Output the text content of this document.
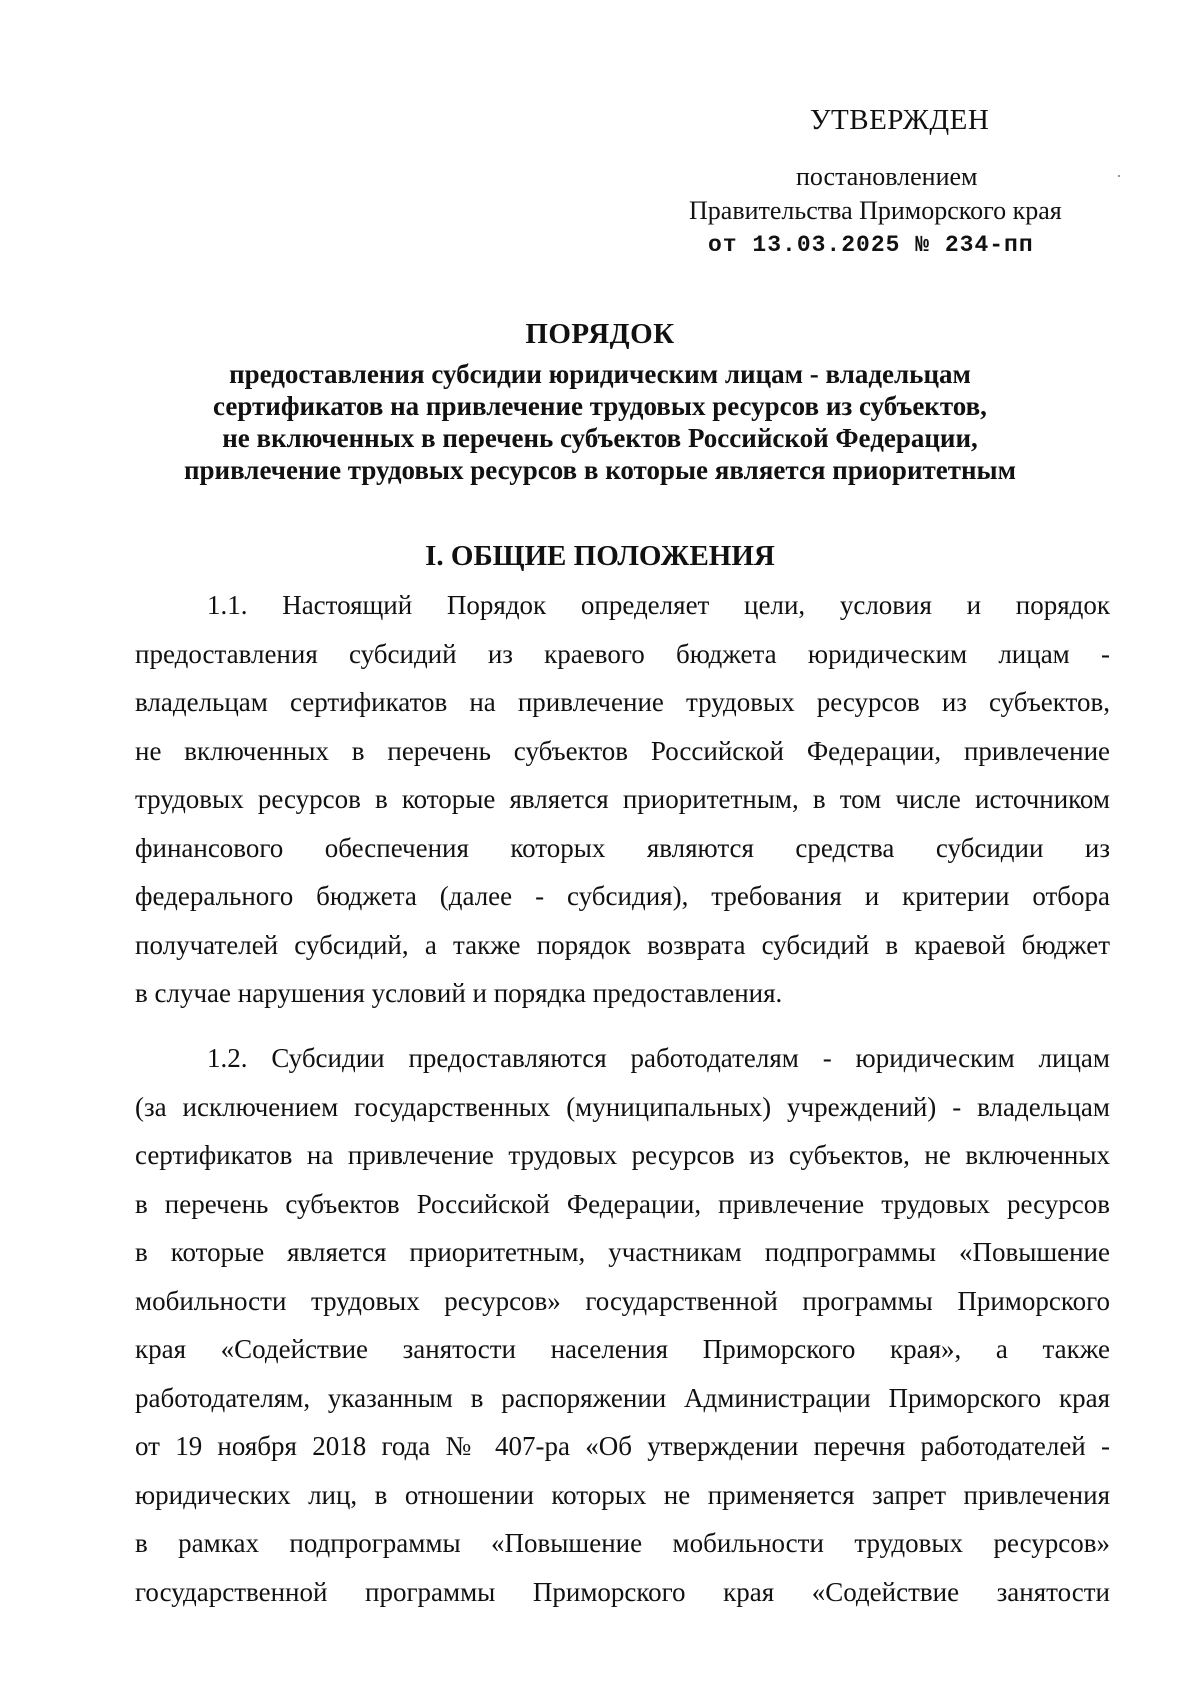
УТВЕРЖДЕН
постановлением
Правительства Приморского края
от 13.03.2025 № 234-пп
ПОРЯДОК
предоставления субсидии юридическим лицам - владельцам
сертификатов на привлечение трудовых ресурсов из субъектов,
не включенных в перечень субъектов Российской Федерации,
привлечение трудовых ресурсов в которые является приоритетным
I. ОБЩИЕ ПОЛОЖЕНИЯ
1.1. Настоящий Порядок определяет цели, условия и порядок
предоставления субсидий из краевого бюджета юридическим лицам -
владельцам сертификатов на привлечение трудовых ресурсов из субъектов,
не включенных в перечень субъектов Российской Федерации, привлечение
трудовых ресурсов в которые является приоритетным, в том числе источником
финансового обеспечения которых являются средства субсидии из
федерального бюджета (далее - субсидия), требования и критерии отбора
получателей субсидий, а также порядок возврата субсидий в краевой бюджет
в случае нарушения условий и порядка предоставления.
1.2. Субсидии предоставляются работодателям - юридическим лицам
(за исключением государственных (муниципальных) учреждений) - владельцам
сертификатов на привлечение трудовых ресурсов из субъектов, не включенных
в перечень субъектов Российской Федерации, привлечение трудовых ресурсов
в которые является приоритетным, участникам подпрограммы «Повышение
мобильности трудовых ресурсов» государственной программы Приморского
края «Содействие занятости населения Приморского края», а также
работодателям, указанным в распоряжении Администрации Приморского края
от 19 ноября 2018 года № 407-ра «Об утверждении перечня работодателей -
юридических лиц, в отношении которых не применяется запрет привлечения
в рамках подпрограммы «Повышение мобильности трудовых ресурсов»
государственной программы Приморского края «Содействие занятости
